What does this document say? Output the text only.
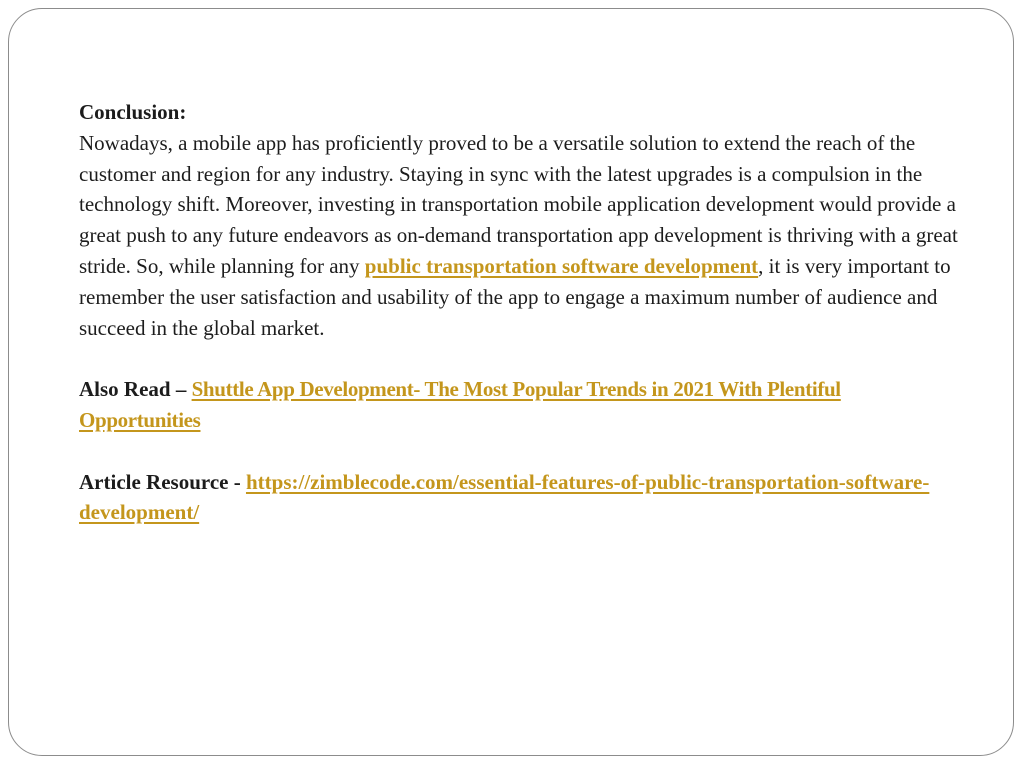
Conclusion:

Nowadays, a mobile app has proficiently proved to be a versatile solution to extend the reach of the customer and region for any industry. Staying in sync with the latest upgrades is a compulsion in the technology shift. Moreover, investing in transportation mobile application development would provide a great push to any future endeavors as on-demand transportation app development is thriving with a great stride. So, while planning for any public transportation software development, it is very important to remember the user satisfaction and usability of the app to engage a maximum number of audience and succeed in the global market.

Also Read – Shuttle App Development- The Most Popular Trends in 2021 With Plentiful Opportunities

Article Resource - https://zimblecode.com/essential-features-of-public-transportation-software-development/
